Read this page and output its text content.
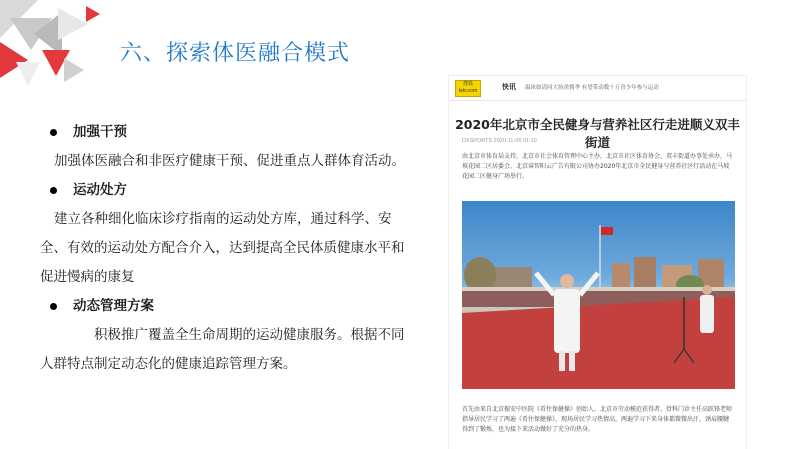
六、探索体医融合模式
加强干预

加强体医融合和非医疗健康干预、促进重点人群体育活动。

运动处方

建立各种细化临床诊疗指南的运动处方库，通过科学、安全、有效的运动处方配合介入，达到提高全民体质健康水平和促进慢病的康复

动态管理方案

积极推广覆盖全生命周期的运动健康服务。根据不同人群特点制定动态化的健康追踪管理方案。

搜狐 letv.com	快讯 温冰如清同大协余佣季 有望带动数十万青少年参与运动
2020年北京市全民健身与营养社区行走进顺义双丰街道
DXSPORTS 2020-11-06 01:10
由北京市体育局支持，北京市社会体育管理中心主办，北京市社区体育协会、双丰街道办事处承办，马坡花园二区居委会、北京睿智阳云广告有限公司协办2020年北京市全民健身与营养社区行活动在马坡花园二区健身广场举行。
首先由来自北京振安中医院《肴往保健操》创始人、北京市劳动模范获得者、骨科门诊主任高跃锋老师指导居民学习了两遍《肴往保健操》，现场居民学习热情高，两遍学习下来身体都微微出汗，颈肩腰腱得到了锻炼，也为接下来活动做好了充分的热身。
